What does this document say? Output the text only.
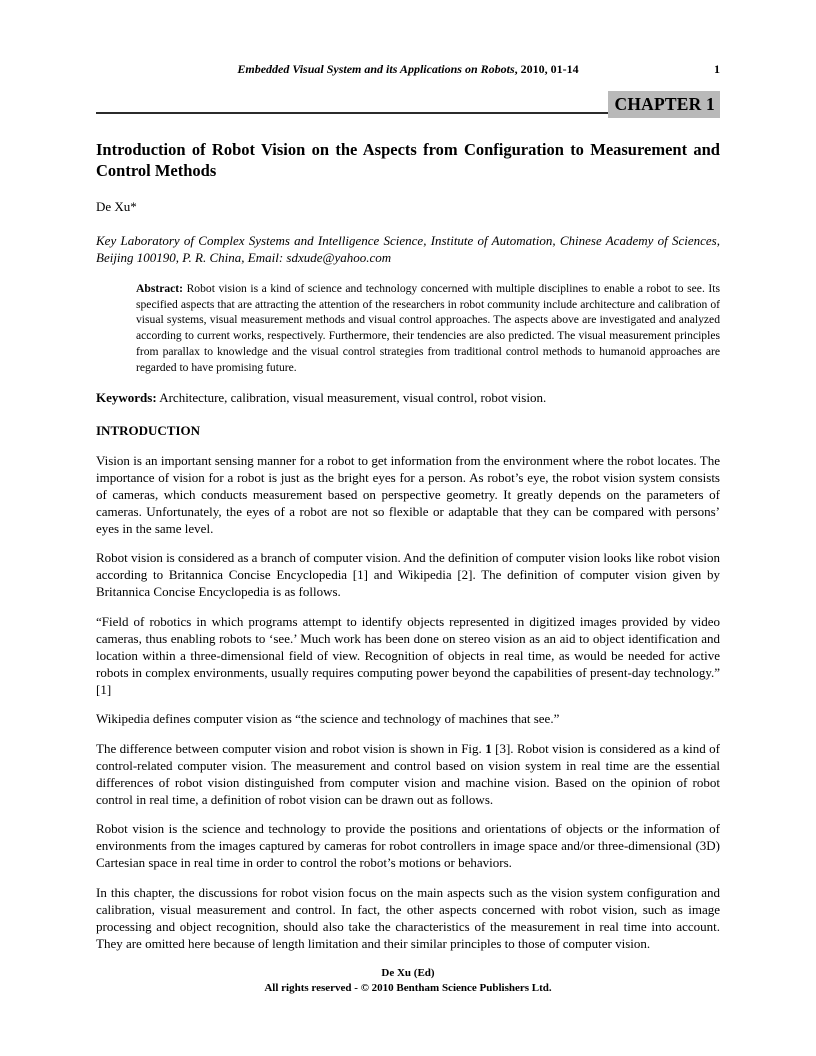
Embedded Visual System and its Applications on Robots, 2010, 01-14	1
CHAPTER 1
Introduction of Robot Vision on the Aspects from Configuration to Measurement and Control Methods
De Xu*
Key Laboratory of Complex Systems and Intelligence Science, Institute of Automation, Chinese Academy of Sciences, Beijing 100190, P. R. China, Email: sdxude@yahoo.com
Abstract: Robot vision is a kind of science and technology concerned with multiple disciplines to enable a robot to see. Its specified aspects that are attracting the attention of the researchers in robot community include architecture and calibration of visual systems, visual measurement methods and visual control approaches. The aspects above are investigated and analyzed according to current works, respectively. Furthermore, their tendencies are also predicted. The visual measurement principles from parallax to knowledge and the visual control strategies from traditional control methods to humanoid approaches are regarded to have promising future.
Keywords: Architecture, calibration, visual measurement, visual control, robot vision.
INTRODUCTION

Vision is an important sensing manner for a robot to get information from the environment where the robot locates. The importance of vision for a robot is just as the bright eyes for a person. As robot’s eye, the robot vision system consists of cameras, which conducts measurement based on perspective geometry. It greatly depends on the parameters of cameras. Unfortunately, the eyes of a robot are not so flexible or adaptable that they can be compared with persons’ eyes in the same level.

Robot vision is considered as a branch of computer vision. And the definition of computer vision looks like robot vision according to Britannica Concise Encyclopedia [1] and Wikipedia [2]. The definition of computer vision given by Britannica Concise Encyclopedia is as follows.

“Field of robotics in which programs attempt to identify objects represented in digitized images provided by video cameras, thus enabling robots to ‘see.’ Much work has been done on stereo vision as an aid to object identification and location within a three-dimensional field of view. Recognition of objects in real time, as would be needed for active robots in complex environments, usually requires computing power beyond the capabilities of present-day technology.” [1]

Wikipedia defines computer vision as “the science and technology of machines that see.”

The difference between computer vision and robot vision is shown in Fig. 1 [3]. Robot vision is considered as a kind of control-related computer vision. The measurement and control based on vision system in real time are the essential differences of robot vision distinguished from computer vision and machine vision. Based on the opinion of robot control in real time, a definition of robot vision can be drawn out as follows.

Robot vision is the science and technology to provide the positions and orientations of objects or the information of environments from the images captured by cameras for robot controllers in image space and/or three-dimensional (3D) Cartesian space in real time in order to control the robot’s motions or behaviors.

In this chapter, the discussions for robot vision focus on the main aspects such as the vision system configuration and calibration, visual measurement and control. In fact, the other aspects concerned with robot vision, such as image processing and object recognition, should also take the characteristics of the measurement in real time into account. They are omitted here because of length limitation and their similar principles to those of computer vision.

De Xu (Ed)
All rights reserved - © 2010 Bentham Science Publishers Ltd.
